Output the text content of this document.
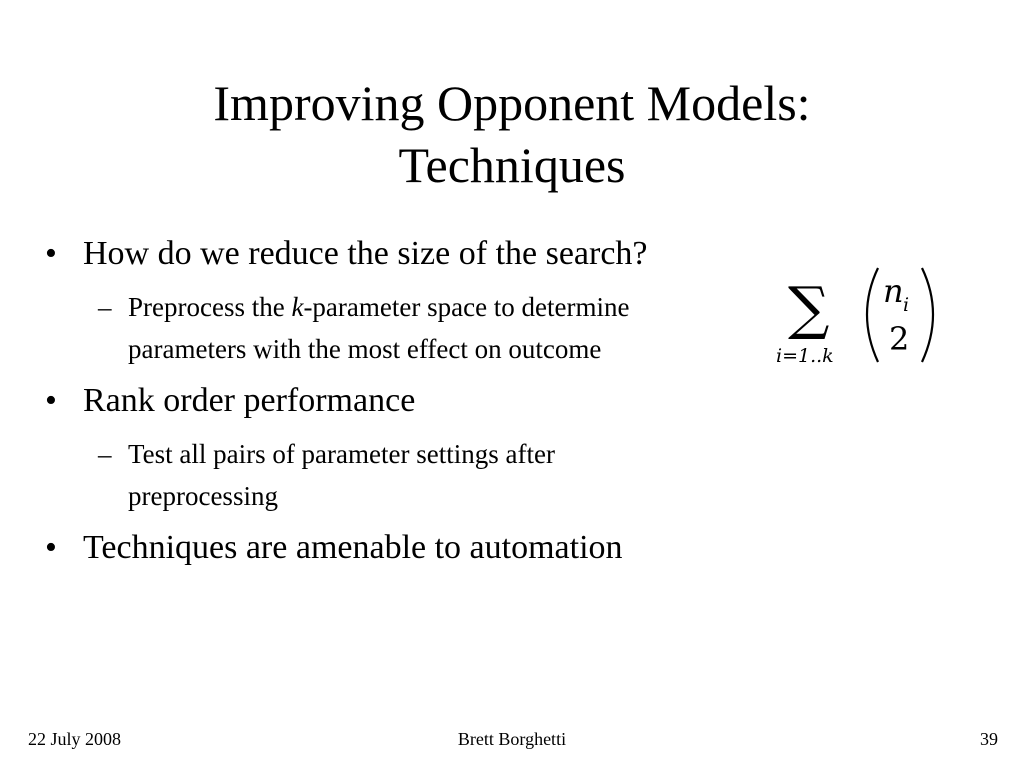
Improving Opponent Models:
Techniques
• How do we reduce the size of the search?
– Preprocess the k-parameter space to determine
parameters with the most effect on outcome
• Rank order performance
– Test all pairs of parameter settings after
preprocessing
• Techniques are amenable to automation
∑
i=1..k
n i
2
22 July 2008	Brett Borghetti	39
